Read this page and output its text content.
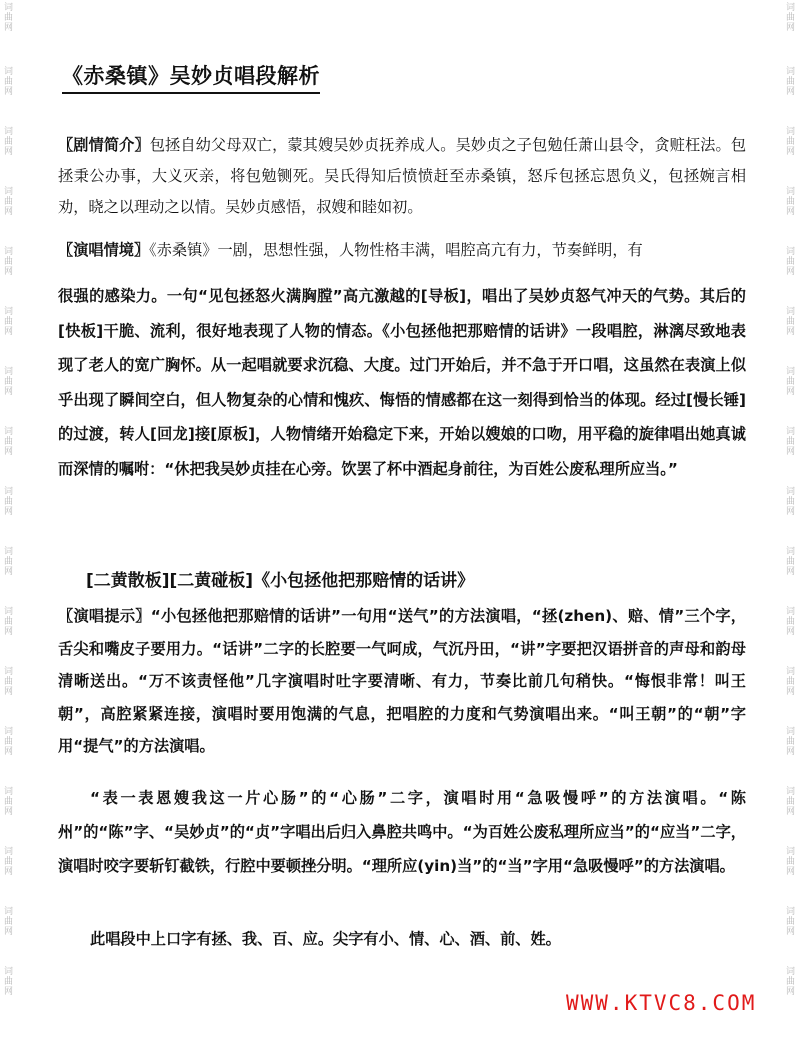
词曲网
词曲网
词曲网
词曲网
词曲网
词曲网
词曲网
词曲网
词曲网
词曲网
词曲网
词曲网
词曲网
词曲网
词曲网
词曲网
词曲网
词曲网
词曲网
词曲网
词曲网
词曲网
词曲网
词曲网
词曲网
词曲网
词曲网
词曲网
词曲网
词曲网
词曲网
词曲网
词曲网
词曲网
《赤桑镇》吴妙贞唱段解析
〖剧情简介〗包拯自幼父母双亡，蒙其嫂吴妙贞抚养成人。吴妙贞之子包勉任萧山县令，贪赃枉法。包拯秉公办事，大义灭亲，将包勉铡死。吴氏得知后愤愤赶至赤桑镇，怒斥包拯忘恩负义，包拯婉言相劝，晓之以理动之以情。吴妙贞感悟，叔嫂和睦如初。
〖演唱情境〗《赤桑镇》一剧，思想性强，人物性格丰满，唱腔高亢有力，节奏鲜明，有
很强的感染力。一句“见包拯怒火满胸膛”高亢激越的[导板]，唱出了吴妙贞怒气冲天的气势。其后的[快板]干脆、流利，很好地表现了人物的情态。《小包拯他把那赔情的话讲》一段唱腔，淋漓尽致地表现了老人的宽广胸怀。从一起唱就要求沉稳、大度。过门开始后，并不急于开口唱，这虽然在表演上似乎出现了瞬间空白，但人物复杂的心情和愧疚、悔悟的情感都在这一刻得到恰当的体现。经过[慢长锤]的过渡，转人[回龙]接[原板]，人物情绪开始稳定下来，开始以嫂娘的口吻，用平稳的旋律唱出她真诚而深情的嘱咐：“休把我吴妙贞挂在心旁。饮罢了杯中酒起身前往，为百姓公废私理所应当。”
[二黄散板][二黄碰板]《小包拯他把那赔情的话讲》
〖演唱提示〗“小包拯他把那赔情的话讲”一句用“送气”的方法演唱，“拯(zhen)、赔、情”三个字，舌尖和嘴皮子要用力。“话讲”二字的长腔要一气呵成，气沉丹田，“讲”字要把汉语拼音的声母和韵母清晰送出。“万不该责怪他”几字演唱时吐字要清晰、有力，节奏比前几句稍快。“悔恨非常！叫王朝”，高腔紧紧连接，演唱时要用饱满的气息，把唱腔的力度和气势演唱出来。“叫王朝”的“朝”字用“提气”的方法演唱。
“表一表恩嫂我这一片心肠”的“心肠”二字，演唱时用“急吸慢呼”的方法演唱。“陈州”的“陈”字、“吴妙贞”的“贞”字唱出后归入鼻腔共鸣中。“为百姓公废私理所应当”的“应当”二字，演唱时咬字要斩钉截铁，行腔中要顿挫分明。“理所应(yin)当”的“当”字用“急吸慢呼”的方法演唱。
此唱段中上口字有拯、我、百、应。尖字有小、情、心、酒、前、姓。
WWW.KTVC8.COM
